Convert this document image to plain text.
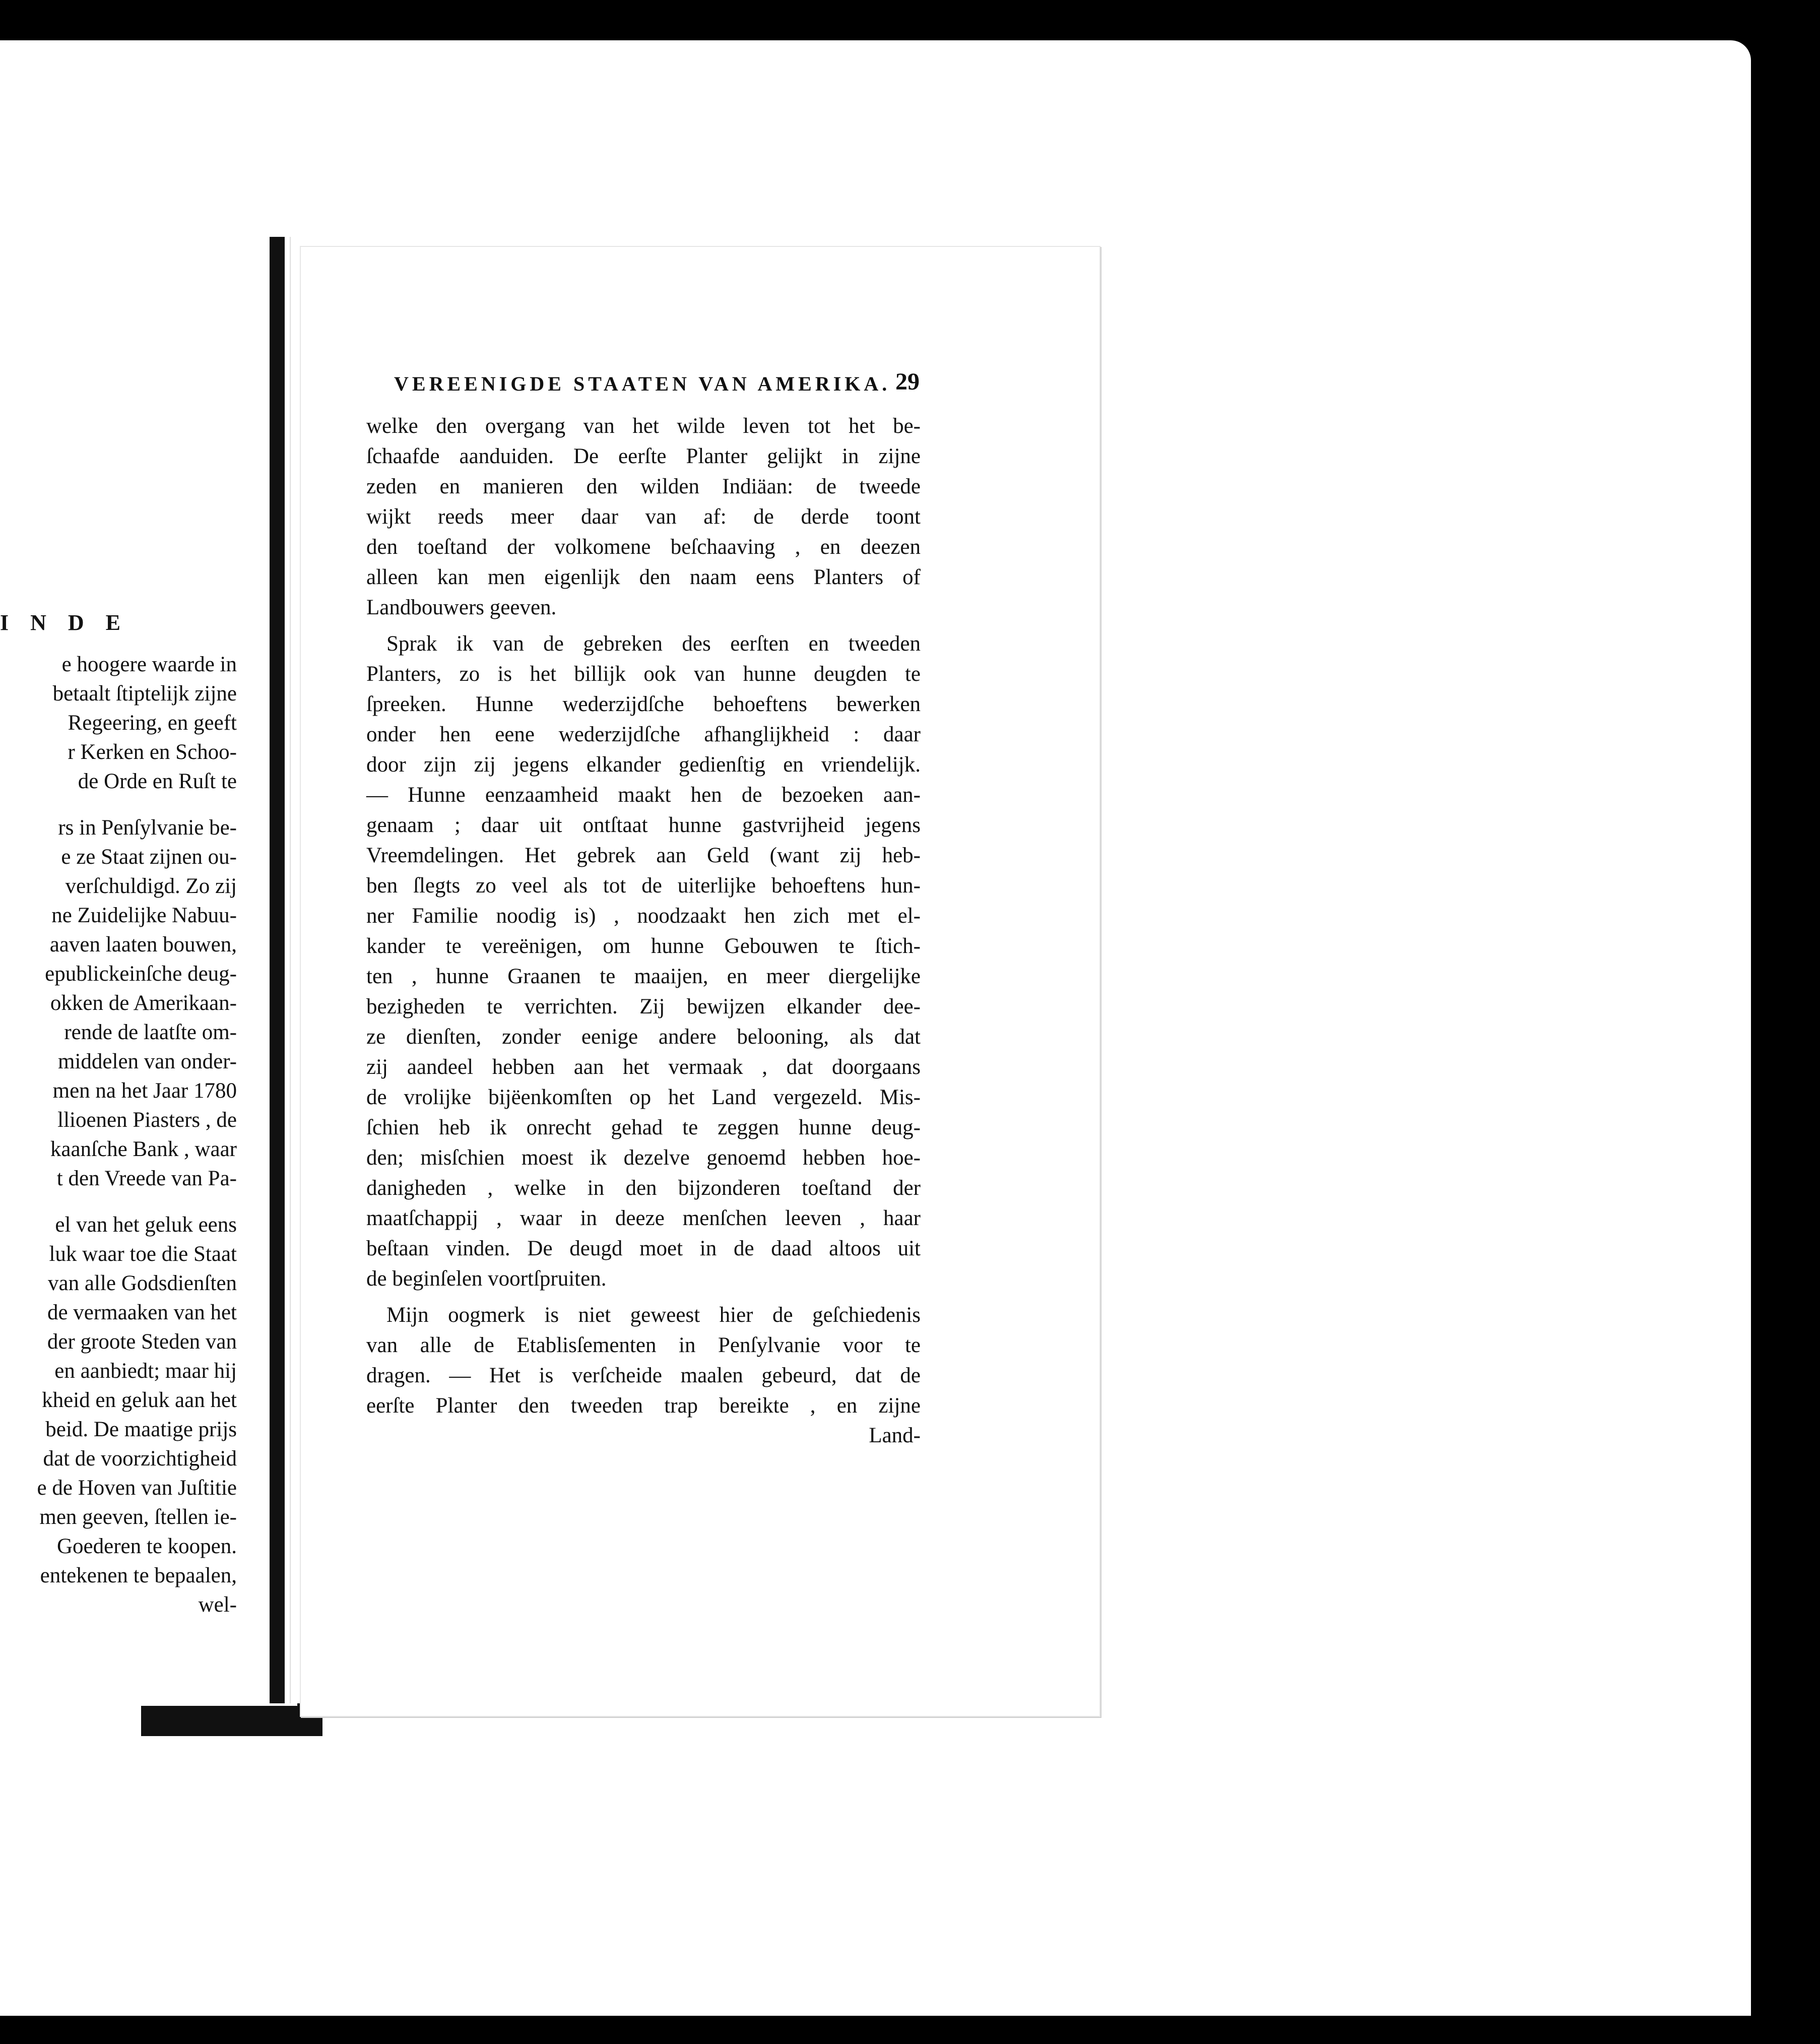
I N D E
e hoogere waarde in
betaalt ſtiptelijk zijne
Regeering, en geeft
r Kerken en Schoo-
de Orde en Ruſt te
rs in Penſylvanie be-
e ze Staat zijnen ou-
verſchuldigd. Zo zij
ne Zuidelijke Nabuu-
aaven laaten bouwen,
epublickeinſche deug-
okken de Amerikaan-
rende de laatſte om-
middelen van onder-
men na het Jaar 1780
llioenen Piasters , de
kaanſche Bank , waar
t den Vreede van Pa-
el van het geluk eens
luk waar toe die Staat
van alle Godsdienſten
de vermaaken van het
der groote Steden van
en aanbiedt; maar hij
kheid en geluk aan het
beid. De maatige prijs
dat de voorzichtigheid
e de Hoven van Juſtitie
men geeven, ſtellen ie-
Goederen te koopen.
entekenen te bepaalen,
wel-
VEREENIGDE STAATEN VAN AMERIKA. 29
welke den overgang van het wilde leven tot het be-
ſchaafde aanduiden. De eerſte Planter gelijkt in zijne
zeden en manieren den wilden Indiäan: de tweede
wijkt reeds meer daar van af: de derde toont
den toeſtand der volkomene beſchaaving , en deezen
alleen kan men eigenlijk den naam eens Planters of
Landbouwers geeven.
Sprak ik van de gebreken des eerſten en tweeden
Planters, zo is het billijk ook van hunne deugden te
ſpreeken. Hunne wederzijdſche behoeftens bewerken
onder hen eene wederzijdſche afhanglijkheid : daar
door zijn zij jegens elkander gedienſtig en vriendelijk.
— Hunne eenzaamheid maakt hen de bezoeken aan-
genaam ; daar uit ontſtaat hunne gastvrijheid jegens
Vreemdelingen. Het gebrek aan Geld (want zij heb-
ben ſlegts zo veel als tot de uiterlijke behoeftens hun-
ner Familie noodig is) , noodzaakt hen zich met el-
kander te vereënigen, om hunne Gebouwen te ſtich-
ten , hunne Graanen te maaijen, en meer diergelijke
bezigheden te verrichten. Zij bewijzen elkander dee-
ze dienſten, zonder eenige andere belooning, als dat
zij aandeel hebben aan het vermaak , dat doorgaans
de vrolijke bijëenkomſten op het Land vergezeld. Mis-
ſchien heb ik onrecht gehad te zeggen hunne deug-
den; misſchien moest ik dezelve genoemd hebben hoe-
danigheden , welke in den bijzonderen toeſtand der
maatſchappij , waar in deeze menſchen leeven , haar
beſtaan vinden. De deugd moet in de daad altoos uit
de beginſelen voortſpruiten.
Mijn oogmerk is niet geweest hier de geſchiedenis
van alle de Etablisſementen in Penſylvanie voor te
dragen. — Het is verſcheide maalen gebeurd, dat de
eerſte Planter den tweeden trap bereikte , en zijne
Land-
